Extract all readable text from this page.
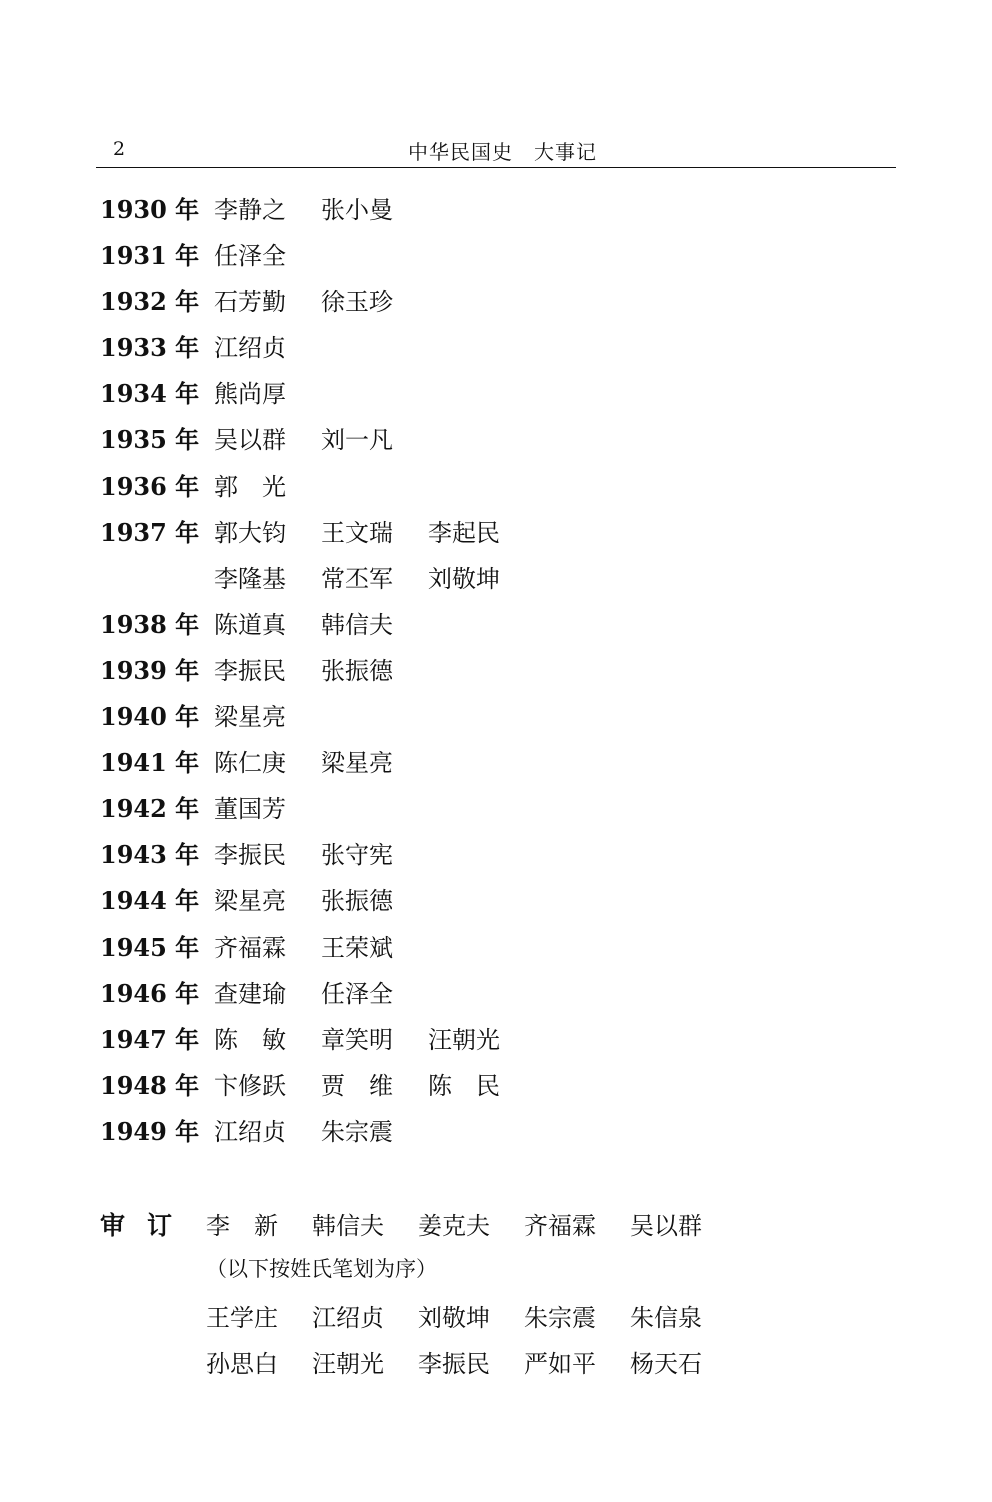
2	中华民国史　大事记
1930 年 李静之	张小曼
1931 年 任泽全
1932 年 石芳勤	徐玉珍
1933 年 江绍贞
1934 年 熊尚厚
1935 年 吴以群	刘一凡
1936 年 郭　光
1937 年 郭大钧	王文瑞	李起民
李隆基	常丕军	刘敬坤
1938 年 陈道真	韩信夫
1939 年 李振民	张振德
1940 年 梁星亮
1941 年 陈仁庚	梁星亮
1942 年 董国芳
1943 年 李振民	张守宪
1944 年 梁星亮	张振德
1945 年 齐福霖	王荣斌
1946 年 查建瑜	任泽全
1947 年 陈　敏	章笑明	汪朝光
1948 年 卞修跃	贾　维	陈　民
1949 年 江绍贞	朱宗震
审订 李　新	韩信夫	姜克夫	齐福霖	吴以群
（以下按姓氏笔划为序）
王学庄	江绍贞	刘敬坤	朱宗震	朱信泉
孙思白	汪朝光	李振民	严如平	杨天石
